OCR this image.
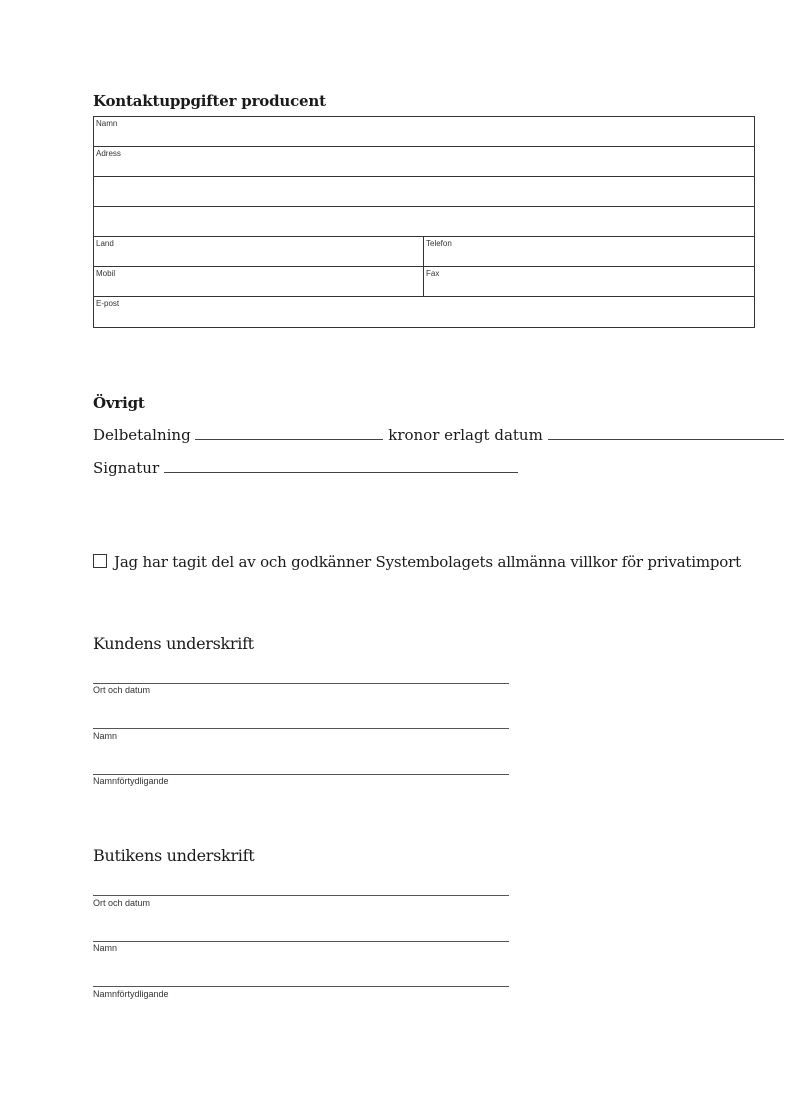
Kontaktuppgifter producent
Namn
Adress
Land	Telefon
Mobil	Fax
E-post
Övrigt
Delbetalning	kronor erlagt datum
Signatur
Jag har tagit del av och godkänner Systembolagets allmänna villkor för privatimport
Kundens underskrift
Ort och datum
Namn
Namnförtydligande
Butikens underskrift
Ort och datum
Namn
Namnförtydligande
